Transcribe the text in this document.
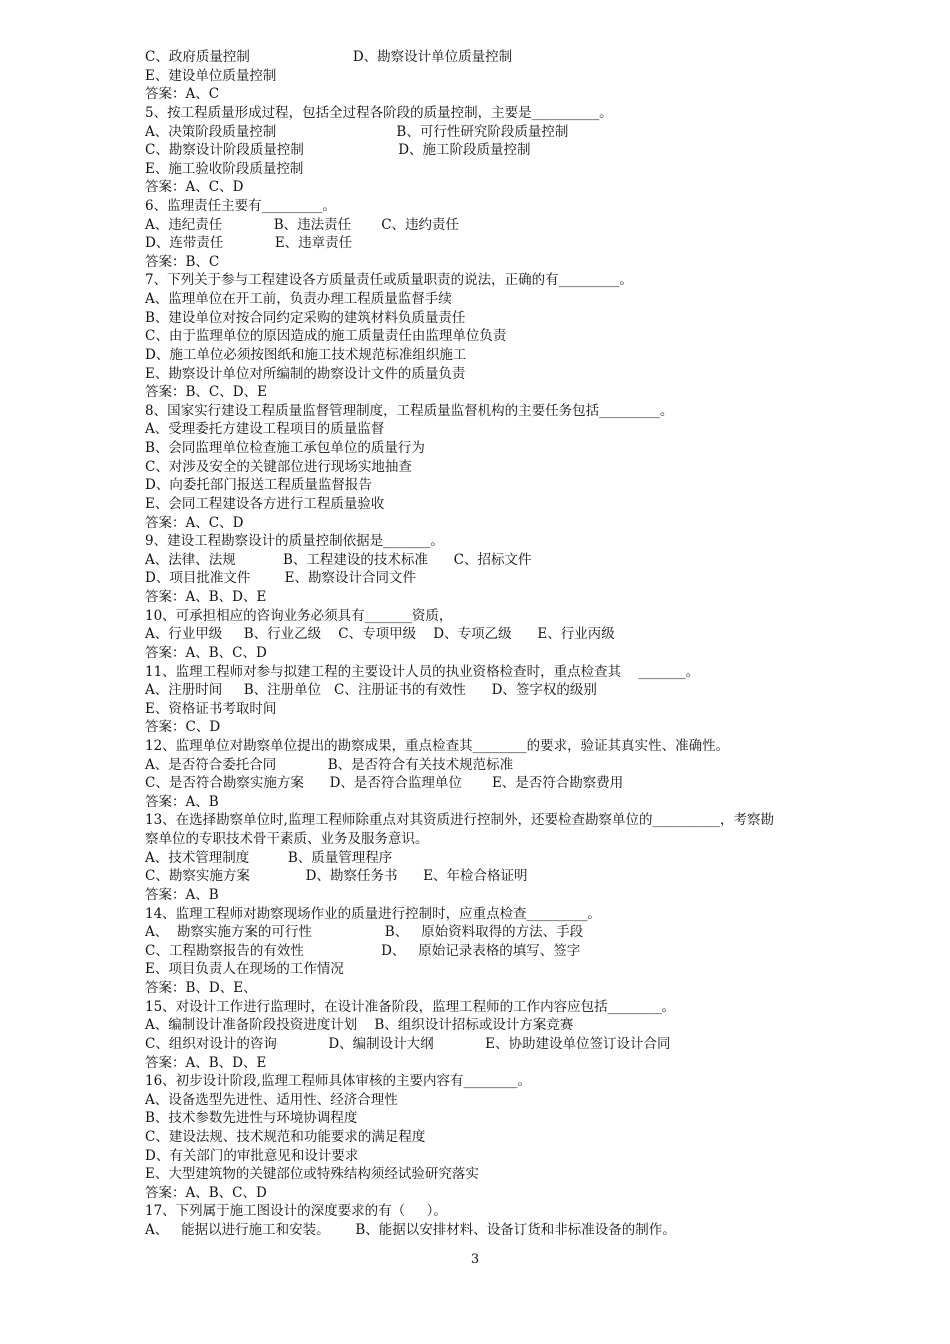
C、政府质量控制                        D、勘察设计单位质量控制
E、建设单位质量控制
答案：A、C
5、按工程质量形成过程，包括全过程各阶段的质量控制，主要是__________。
A、决策阶段质量控制                            B、可行性研究阶段质量控制
C、勘察设计阶段质量控制                      D、施工阶段质量控制
E、施工验收阶段质量控制
答案：A、C、D
6、监理责任主要有_________。
A、违纪责任            B、违法责任       C、违约责任
D、连带责任            E、违章责任
答案：B、C
7、下列关于参与工程建设各方质量责任或质量职责的说法，正确的有_________。
A、监理单位在开工前，负责办理工程质量监督手续
B、建设单位对按合同约定采购的建筑材料负质量责任
C、由于监理单位的原因造成的施工质量责任由监理单位负责
D、施工单位必须按图纸和施工技术规范标准组织施工
E、勘察设计单位对所编制的勘察设计文件的质量负责
答案：B、C、D、E
8、国家实行建设工程质量监督管理制度，工程质量监督机构的主要任务包括_________。
A、受理委托方建设工程项目的质量监督
B、会同监理单位检查施工承包单位的质量行为
C、对涉及安全的关键部位进行现场实地抽查
D、向委托部门报送工程质量监督报告
E、会同工程建设各方进行工程质量验收
答案：A、C、D
9、建设工程勘察设计的质量控制依据是_______。
A、法律、法规           B、工程建设的技术标准      C、招标文件
D、项目批准文件        E、勘察设计合同文件
答案：A、B、D、E
10、可承担相应的咨询业务必须具有_______资质，
A、行业甲级     B、行业乙级    C、专项甲级    D、专项乙级      E、行业丙级
答案：A、B、C、D
11、监理工程师对参与拟建工程的主要设计人员的执业资格检查时，重点检查其    _______。
A、注册时间     B、注册单位   C、注册证书的有效性      D、签字权的级别
E、资格证书考取时间
答案：C、D
12、监理单位对勘察单位提出的勘察成果，重点检查其________的要求，验证其真实性、准确性。
A、是否符合委托合同            B、是否符合有关技术规范标准
C、是否符合勘察实施方案      D、是否符合监理单位       E、是否符合勘察费用
答案：A、B
13、在选择勘察单位时,监理工程师除重点对其资质进行控制外，还要检查勘察单位的__________，考察勘
察单位的专职技术骨干素质、业务及服务意识。
A、技术管理制度         B、质量管理程序
C、勘察实施方案             D、勘察任务书      E、年检合格证明
答案：A、B
14、监理工程师对勘察现场作业的质量进行控制时，应重点检查_________。
A、  勘察实施方案的可行性                 B、   原始资料取得的方法、手段
C、工程勘察报告的有效性                  D、   原始记录表格的填写、签字
E、项目负责人在现场的工作情况
答案：B、D、E、
15、对设计工作进行监理时，在设计准备阶段，监理工程师的工作内容应包括________。
A、编制设计准备阶段投资进度计划    B、组织设计招标或设计方案竞赛
C、组织对设计的咨询            D、编制设计大纲            E、协助建设单位签订设计合同
答案：A、B、D、E
16、初步设计阶段,监理工程师具体审核的主要内容有________。
A、设备选型先进性、适用性、经济合理性
B、技术参数先进性与环境协调程度
C、建设法规、技术规范和功能要求的满足程度
D、有关部门的审批意见和设计要求
E、大型建筑物的关键部位或特殊结构须经试验研究落实
答案：A、B、C、D
17、下列属于施工图设计的深度要求的有（     ）。
A、   能据以进行施工和安装。      B、能据以安排材料、设备订货和非标准设备的制作。
3
